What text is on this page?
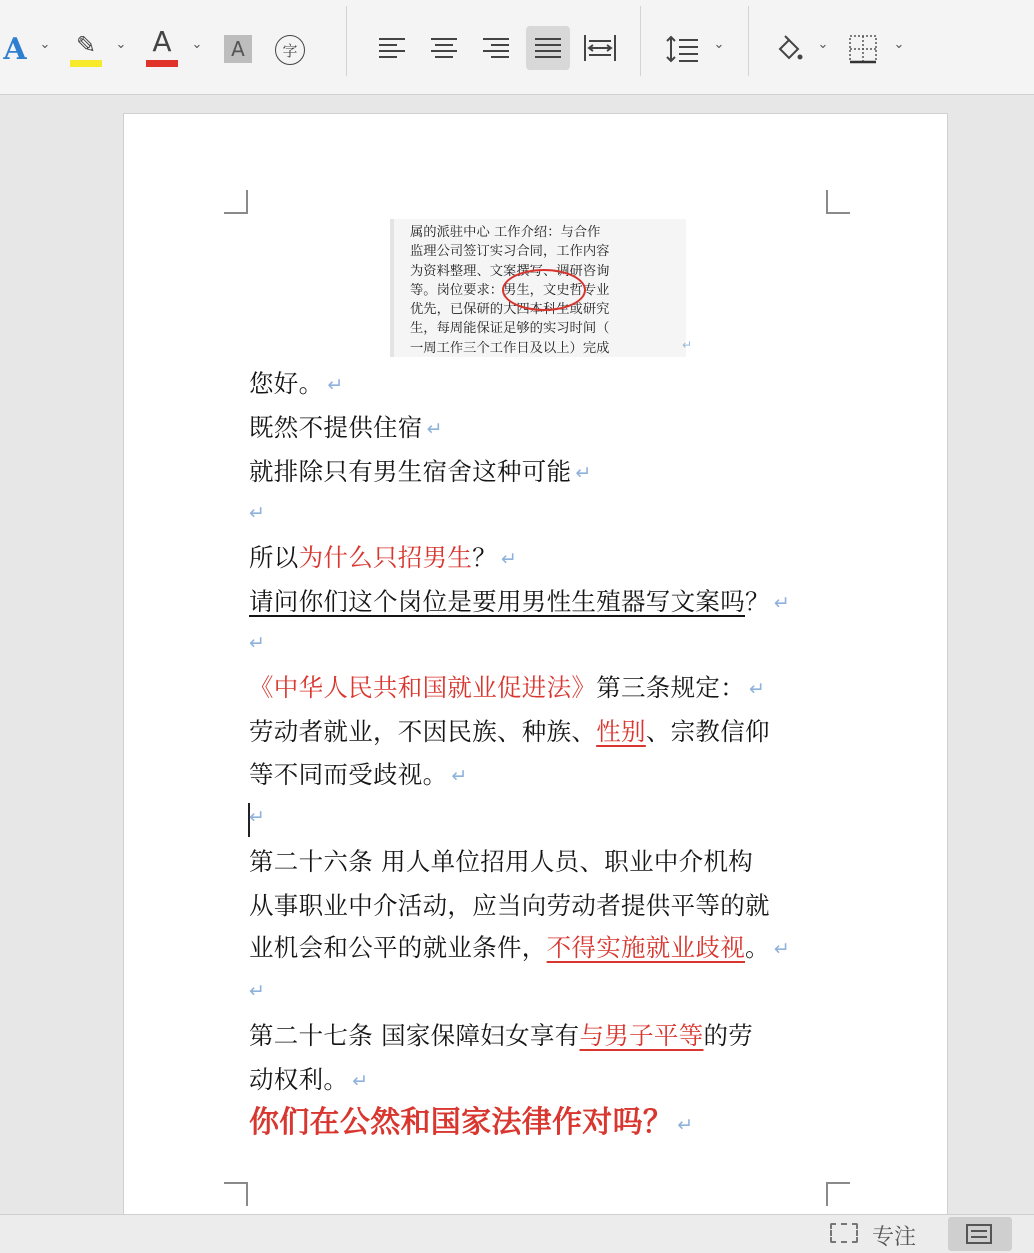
A ⌄ ✎	⌄ A	⌄	A	字	⌄	⌄	⌄
属的派驻中心 工作介绍：与合作
监理公司签订实习合同，工作内容
为资料整理、文案撰写、调研咨询
等。岗位要求：男生，文史哲专业
优先，已保研的大四本科生或研究
生，每周能保证足够的实习时间（
一周工作三个工作日及以上）完成	↵
您好。 ↵
既然不提供住宿 ↵
就排除只有男生宿舍这种可能 ↵
↵
所以为什么只招男生？ ↵
请问你们这个岗位是要用男性生殖器写文案吗？ ↵
↵
《中华人民共和国就业促进法》第三条规定： ↵
劳动者就业，不因民族、种族、性别、宗教信仰
等不同而受歧视。 ↵
↵
第二十六条 用人单位招用人员、职业中介机构
从事职业中介活动，应当向劳动者提供平等的就
业机会和公平的就业条件，不得实施就业歧视。 ↵
↵
第二十七条 国家保障妇女享有与男子平等的劳
动权利。 ↵
你们在公然和国家法律作对吗？ ↵
专注
